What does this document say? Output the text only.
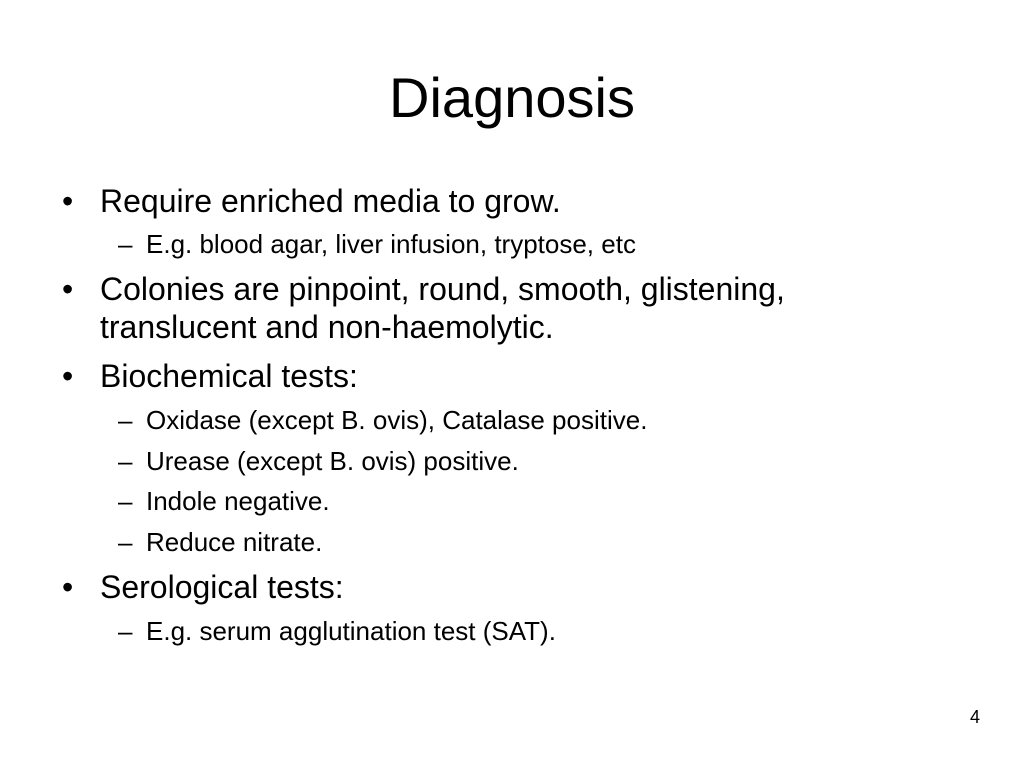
Diagnosis
• Require enriched media to grow.
– E.g. blood agar, liver infusion, tryptose, etc
• Colonies are pinpoint, round, smooth, glistening,
translucent and non-haemolytic.
• Biochemical tests:
– Oxidase (except B. ovis), Catalase positive.
– Urease (except B. ovis) positive.
– Indole negative.
– Reduce nitrate.
• Serological tests:
– E.g. serum agglutination test (SAT).
4
